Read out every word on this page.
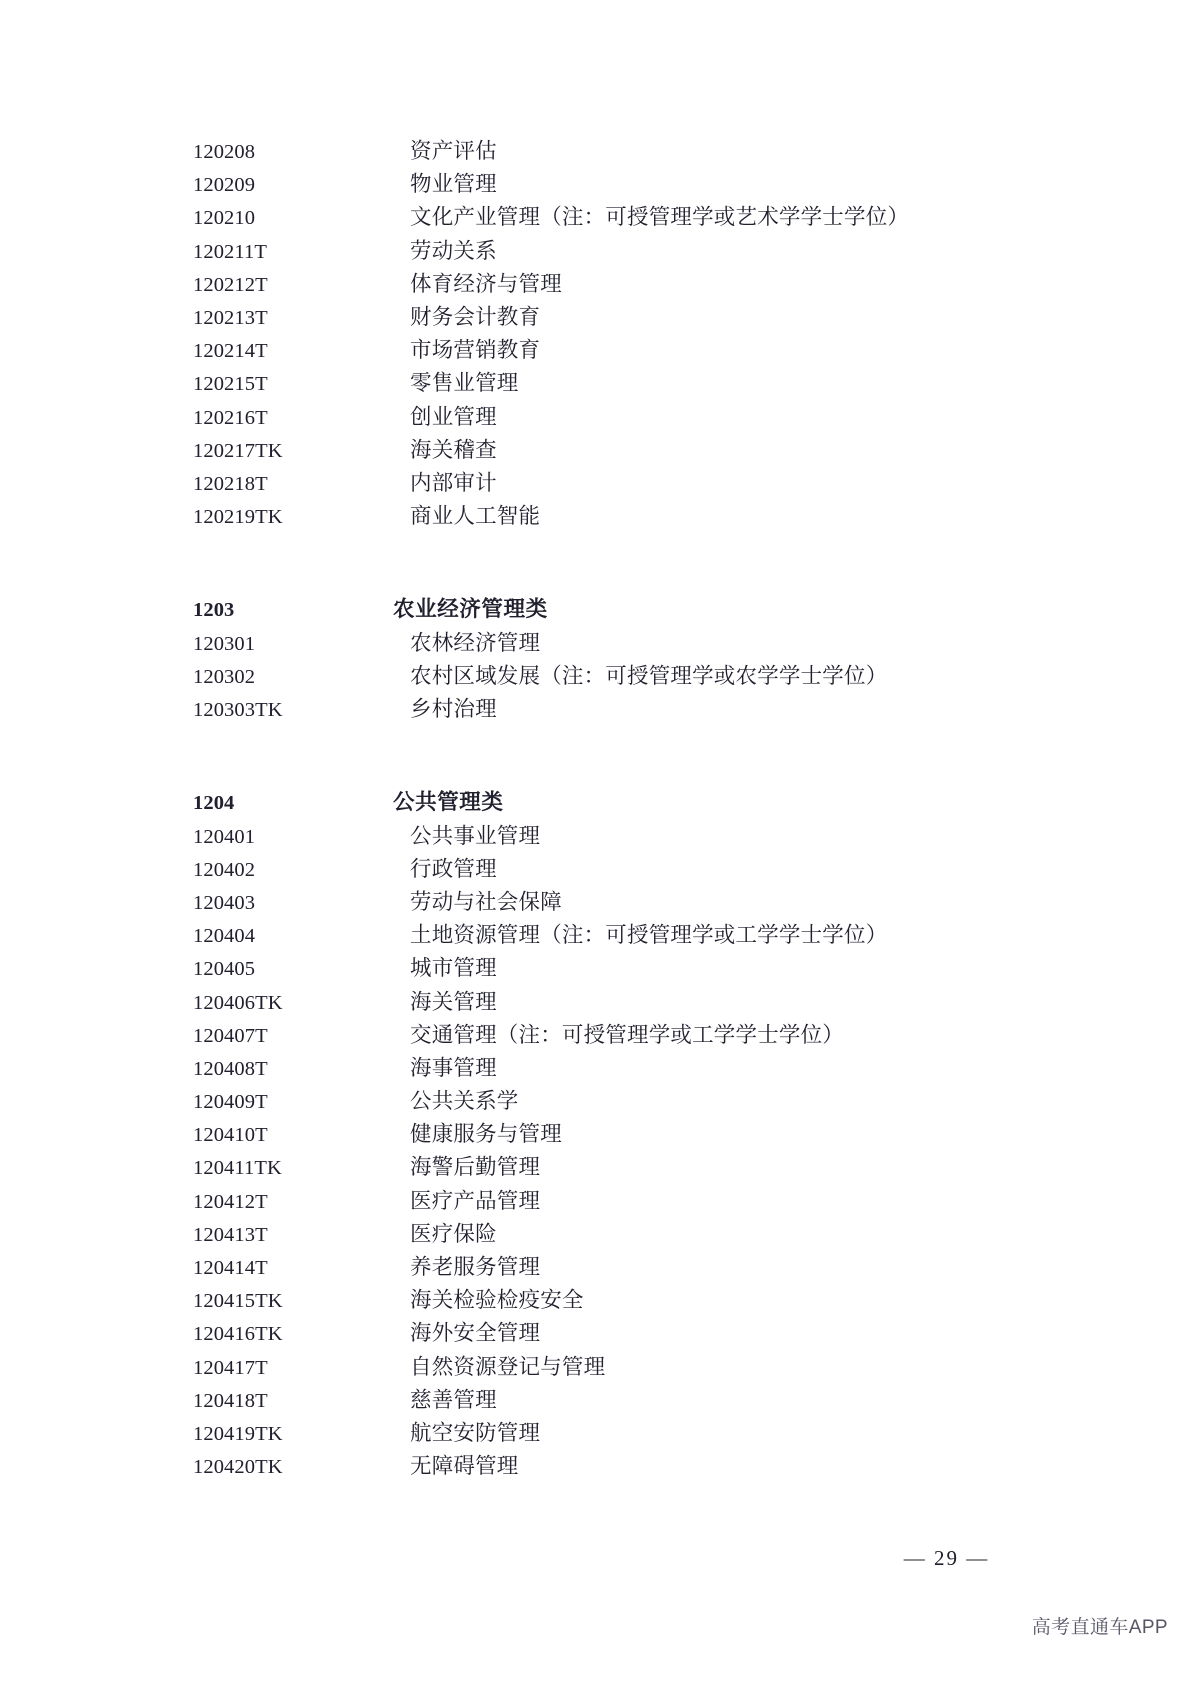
120208	资产评估
120209	物业管理
120210	文化产业管理（注：可授管理学或艺术学学士学位）
120211T	劳动关系
120212T	体育经济与管理
120213T	财务会计教育
120214T	市场营销教育
120215T	零售业管理
120216T	创业管理
120217TK	海关稽查
120218T	内部审计
120219TK	商业人工智能
1203	农业经济管理类
120301	农林经济管理
120302	农村区域发展（注：可授管理学或农学学士学位）
120303TK	乡村治理
1204	公共管理类
120401	公共事业管理
120402	行政管理
120403	劳动与社会保障
120404	土地资源管理（注：可授管理学或工学学士学位）
120405	城市管理
120406TK	海关管理
120407T	交通管理（注：可授管理学或工学学士学位）
120408T	海事管理
120409T	公共关系学
120410T	健康服务与管理
120411TK	海警后勤管理
120412T	医疗产品管理
120413T	医疗保险
120414T	养老服务管理
120415TK	海关检验检疫安全
120416TK	海外安全管理
120417T	自然资源登记与管理
120418T	慈善管理
120419TK	航空安防管理
120420TK	无障碍管理
— 29 —
高考直通车APP
